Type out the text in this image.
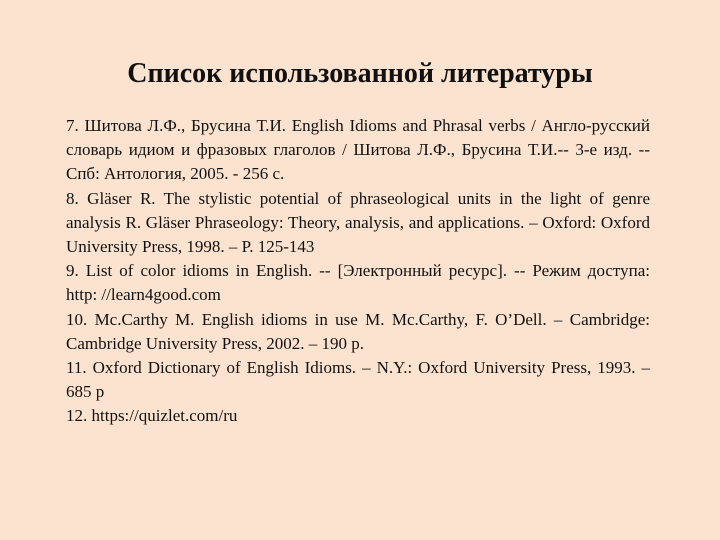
Список использованной литературы
7. Шитова Л.Ф., Брусина Т.И. English Idioms and Phrasal verbs / Англо-русский словарь идиом и фразовых глаголов / Шитова Л.Ф., Брусина Т.И.-- 3-е изд. -- Спб: Антология, 2005. - 256 с.
8. Gläser R. The stylistic potential of phraseological units in the light of genre analysis R. Gläser Phraseology: Theory, analysis, and applications. – Oxford: Oxford University Press, 1998. – P. 125-143
9. List of color idioms in English. -- [Электронный ресурс]. -- Режим доступа: http: //learn4good.com
10. Mc.Carthy M. English idioms in use M. Mc.Carthy, F. O’Dell. – Cambridge: Cambridge University Press, 2002. – 190 p.
11. Oxford Dictionary of English Idioms. – N.Y.: Oxford University Press, 1993. – 685 p
12. https://quizlet.com/ru
